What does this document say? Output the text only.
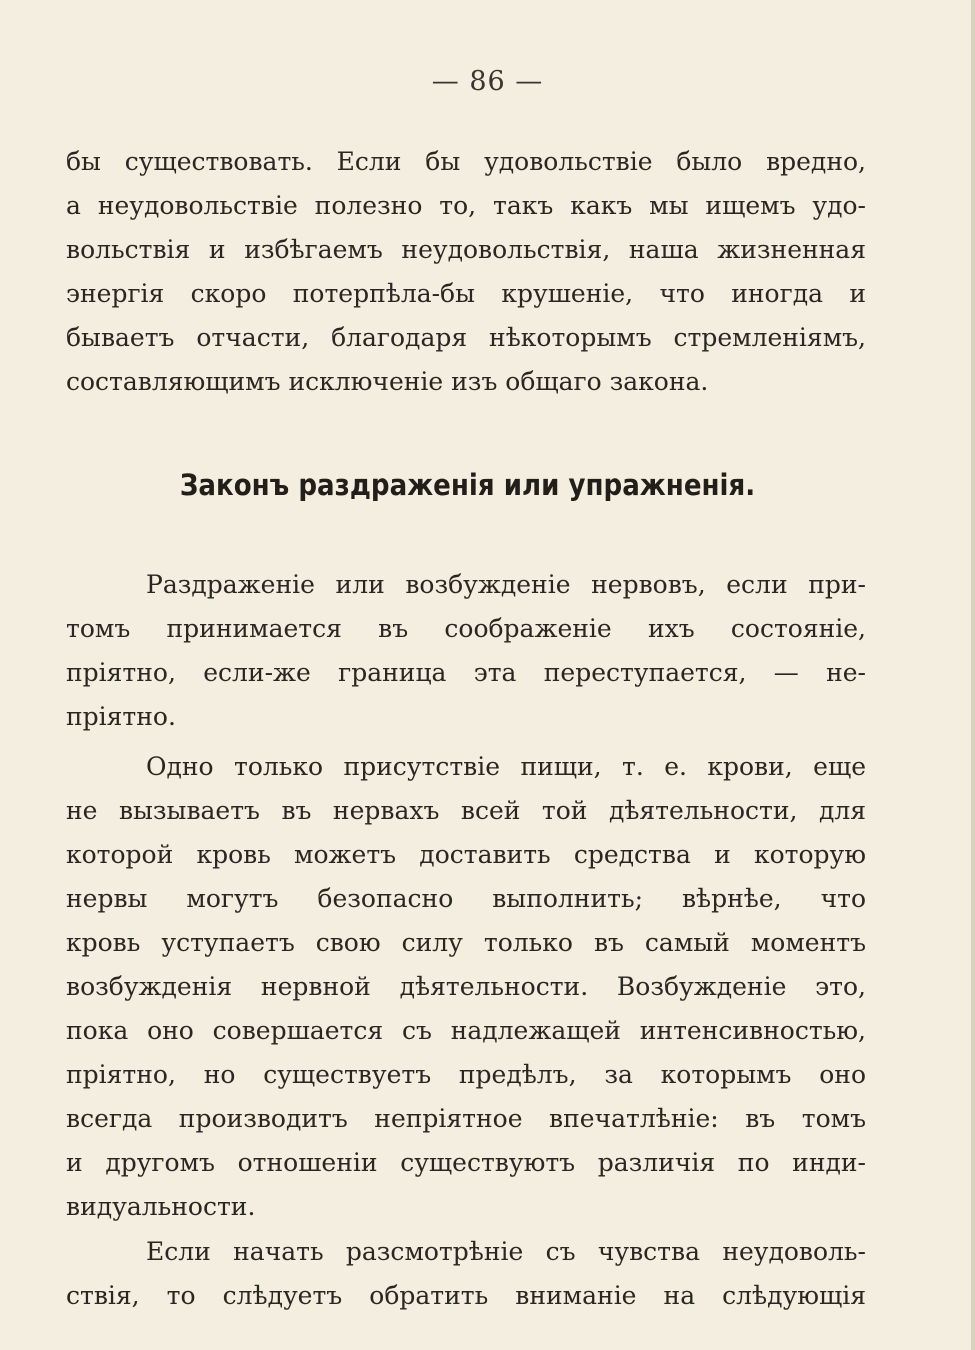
— 86 —
бы существовать. Если бы удовольствіе было вредно,
а неудовольствіе полезно то, такъ какъ мы ищемъ удо-
вольствія и избѣгаемъ неудовольствія, наша жизненная
энергія скоро потерпѣла-бы крушеніе, что иногда и
бываетъ отчасти, благодаря нѣкоторымъ стремленіямъ,
составляющимъ исключеніе изъ общаго закона.
Законъ раздраженія или упражненія.
Раздраженіе или возбужденіе нервовъ, если при-
томъ принимается въ соображеніе ихъ состояніе,
пріятно, если-же граница эта переступается, — не-
пріятно.
Одно только присутствіе пищи, т. е. крови, еще
не вызываетъ въ нервахъ всей той дѣятельности, для
которой кровь можетъ доставить средства и которую
нервы могутъ безопасно выполнить; вѣрнѣе, что
кровь уступаетъ свою силу только въ самый моментъ
возбужденія нервной дѣятельности. Возбужденіе это,
пока оно совершается съ надлежащей интенсивностью,
пріятно, но существуетъ предѣлъ, за которымъ оно
всегда производитъ непріятное впечатлѣніе: въ томъ
и другомъ отношеніи существуютъ различія по инди-
видуальности.
Если начать разсмотрѣніе съ чувства неудоволь-
ствія, то слѣдуетъ обратить вниманіе на слѣдующія
